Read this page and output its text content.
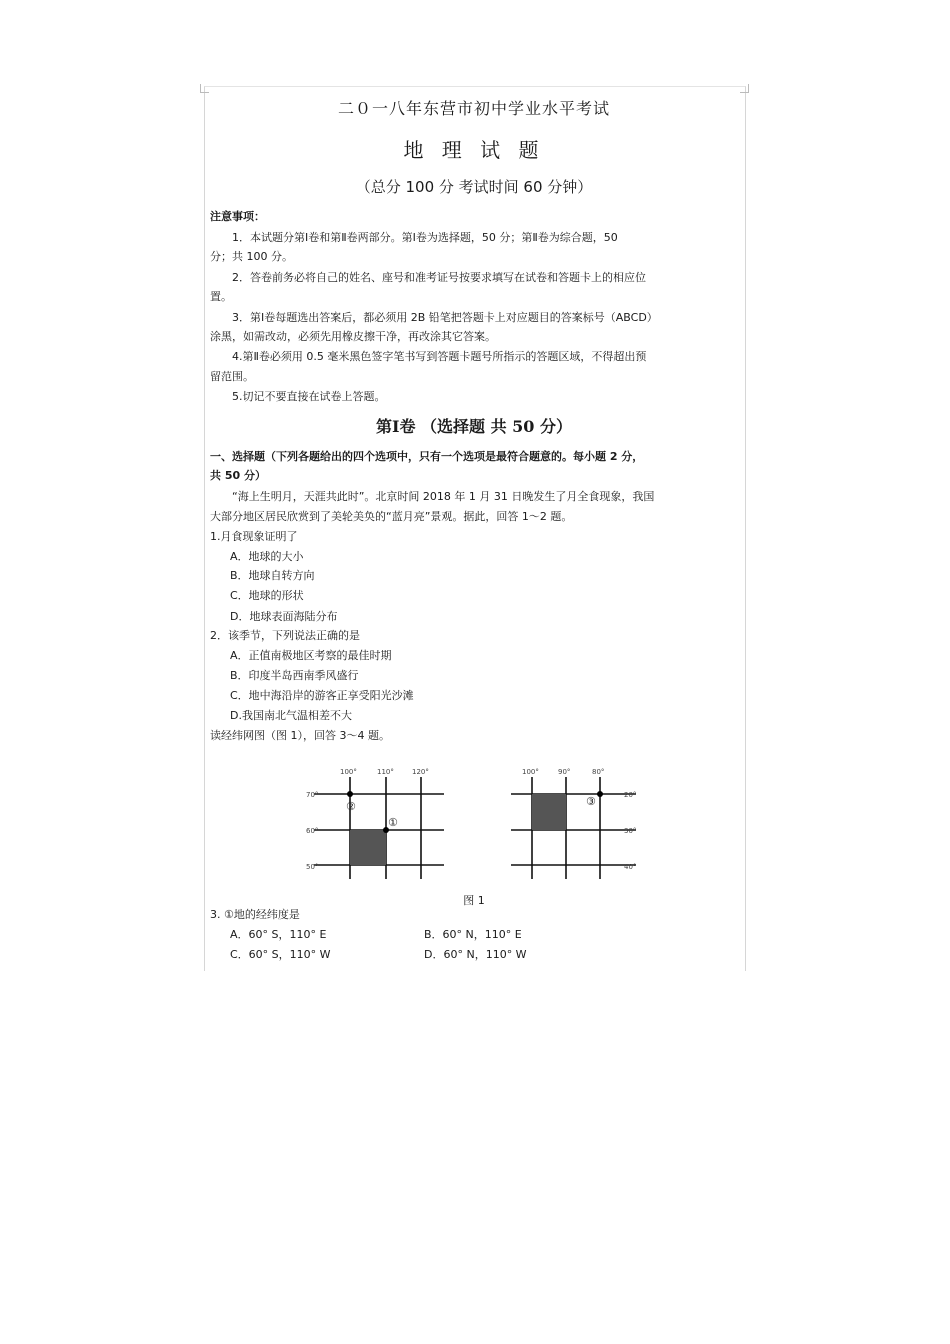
二０一八年东营市初中学业水平考试
地 理 试 题
（总分 100 分 考试时间 60 分钟）
注意事项：
1．本试题分第Ⅰ卷和第Ⅱ卷两部分。第Ⅰ卷为选择题，50 分；第Ⅱ卷为综合题，50
分；共 100 分。
2．答卷前务必将自己的姓名、座号和准考证号按要求填写在试卷和答题卡上的相应位
置。
3．第Ⅰ卷每题选出答案后，都必须用 2B 铅笔把答题卡上对应题目的答案标号（ABCD）
涂黑，如需改动，必须先用橡皮擦干净，再改涂其它答案。
4.第Ⅱ卷必须用 0.5 毫米黑色签字笔书写到答题卡题号所指示的答题区域，不得超出预
留范围。
5.切记不要直接在试卷上答题。
第Ⅰ卷 （选择题 共 50 分）
一、选择题（下列各题给出的四个选项中，只有一个选项是最符合题意的。每小题 2 分，
共 50 分）
“海上生明月，天涯共此时”。北京时间 2018 年 1 月 31 日晚发生了月全食现象，我国
大部分地区居民欣赏到了美轮美奂的“蓝月亮”景观。据此，回答 1～2 题。
1.月食现象证明了
A．地球的大小
B．地球自转方向
C．地球的形状
D．地球表面海陆分布
2．该季节，下列说法正确的是
A．正值南极地区考察的最佳时期
B．印度半岛西南季风盛行
C．地中海沿岸的游客正享受阳光沙滩
D.我国南北气温相差不大
读经纬网图（图 1），回答 3～4 题。
100°	110°	120°
70°
60°
50°
②
①
100°	90°	80°
20°
30°
40°
③
图 1
3. ①地的经纬度是
A．60° S，110° E	B．60° N，110° E
C．60° S，110° W	D．60° N，110° W
